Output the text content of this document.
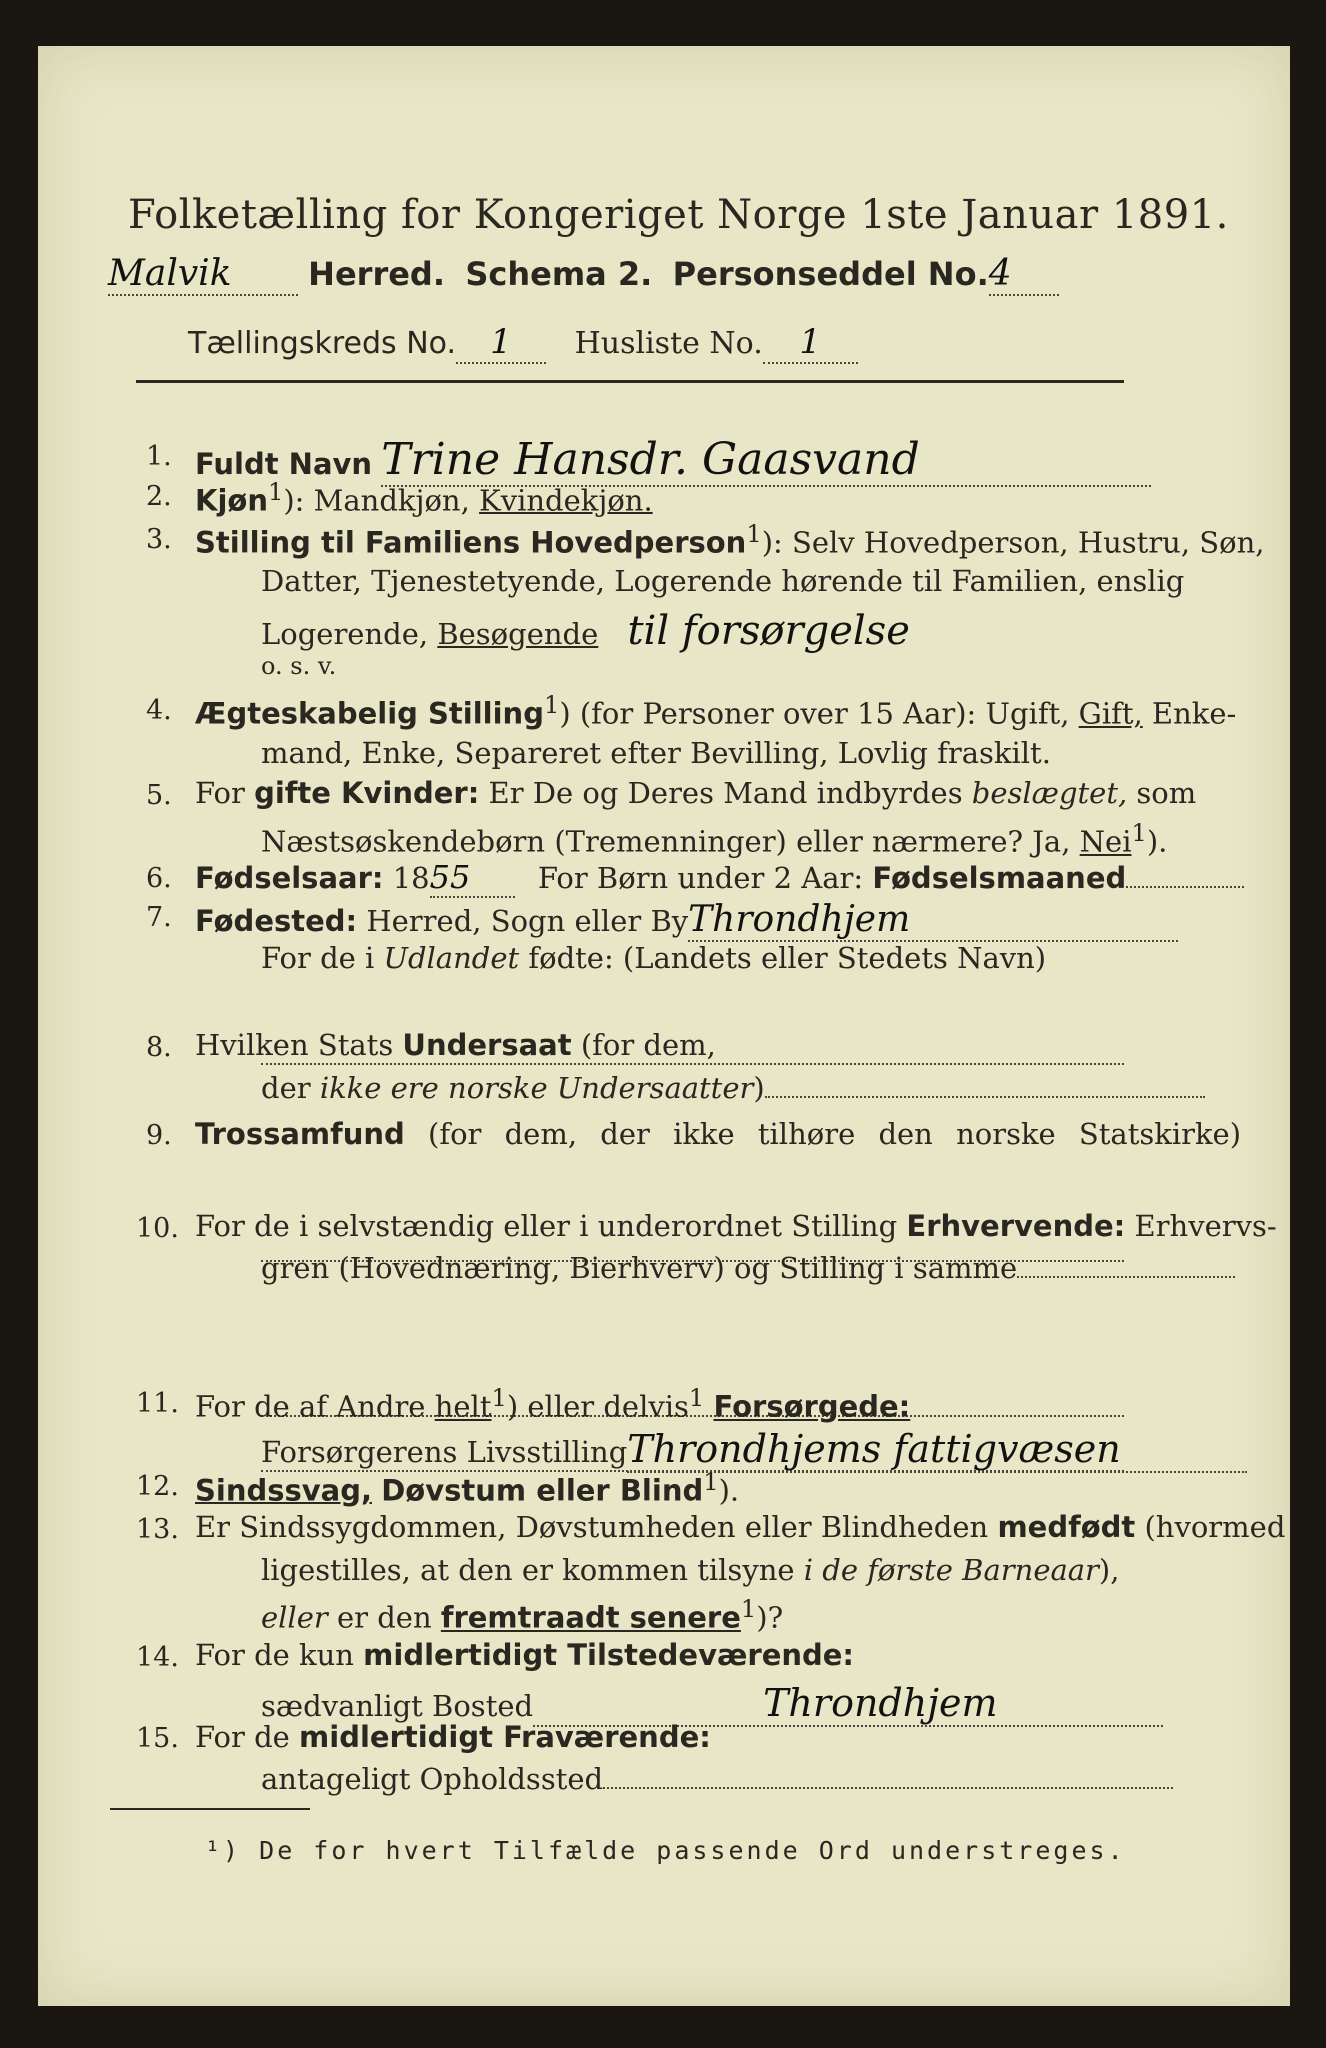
Folketælling for Kongeriget Norge 1ste Januar 1891.
Malvik Herred. Schema 2. Personseddel No.4
Tællingskreds No. 1 Husliste No. 1
1. Fuldt Navn Trine Hansdr. Gaasvand
2. Kjøn$^1$): Mandkjøn, Kvindekjøn.
3. Stilling til Familiens Hovedperson$^1$): Selv Hovedperson, Hustru, Søn,
Datter, Tjenestetyende, Logerende hørende til Familien, enslig
Logerende, Besøgende til forsørgelse
o. s. v.
4. Ægteskabelig Stilling$^1$) (for Personer over 15 Aar): Ugift, Gift, Enke-
mand, Enke, Separeret efter Bevilling, Lovlig fraskilt.
5. For gifte Kvinder: Er De og Deres Mand indbyrdes beslægtet, som
Næstsøskendebørn (Tremenninger) eller nærmere? Ja, Nei$^1$).
6. Fødselsaar: 1855 For Børn under 2 Aar: Fødselsmaaned
7. Fødested: Herred, Sogn eller ByThrondhjem
For de i Udlandet fødte: (Landets eller Stedets Navn)
8. Hvilken Stats Undersaat (for dem,
der ikke ere norske Undersaatter)
9. Trossamfund (for dem, der ikke tilhøre den norske Statskirke)
10. For de i selvstændig eller i underordnet Stilling Erhvervende: Erhvervs-
gren (Hovednæring, Bierhverv) og Stilling i samme
11. For de af Andre helt$^1$) eller delvis$^1$ Forsørgede:
Forsørgerens LivsstillingThrondhjems fattigvæsen
12. Sindssvag, Døvstum eller Blind$^1$).
13. Er Sindssygdommen, Døvstumheden eller Blindheden medfødt (hvormed
ligestilles, at den er kommen tilsyne i de første Barneaar),
eller er den fremtraadt senere$^1$)?
14. For de kun midlertidigt Tilstedeværende:
sædvanligt Bosted	Throndhjem
15. For de midlertidigt Fraværende:
antageligt Opholdssted
¹) De for hvert Tilfælde passende Ord understreges.
